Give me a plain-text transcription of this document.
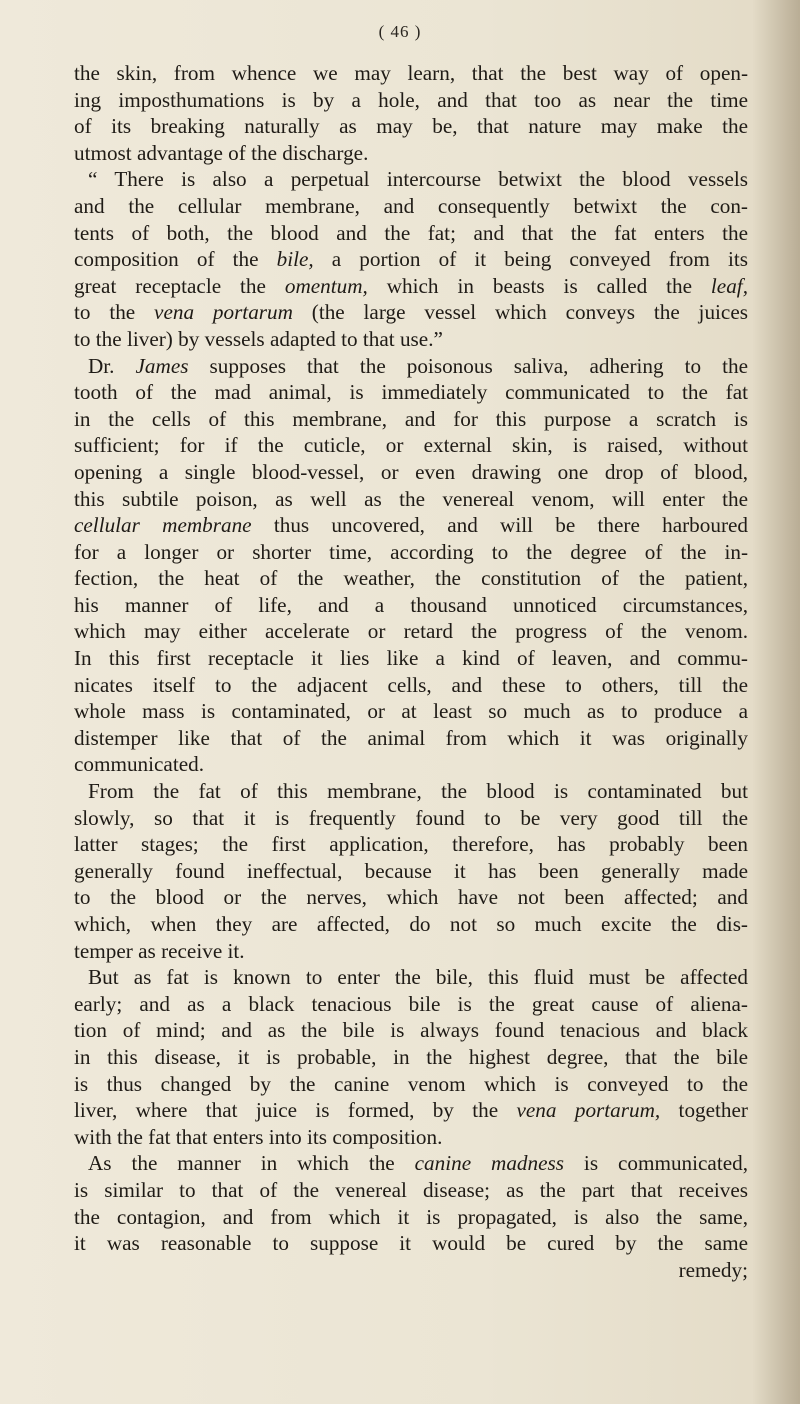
( 46 )
the skin, from whence we may learn, that the best way of open-
ing imposthumations is by a hole, and that too as near the time
of its breaking naturally as may be, that nature may make the
utmost advantage of the discharge.
“ There is also a perpetual intercourse betwixt the blood vessels
and the cellular membrane, and consequently betwixt the con-
tents of both, the blood and the fat; and that the fat enters the
composition of the bile, a portion of it being conveyed from its
great receptacle the omentum, which in beasts is called the leaf,
to the vena portarum (the large vessel which conveys the juices
to the liver) by vessels adapted to that use.”
Dr. James supposes that the poisonous saliva, adhering to the
tooth of the mad animal, is immediately communicated to the fat
in the cells of this membrane, and for this purpose a scratch is
sufficient; for if the cuticle, or external skin, is raised, without
opening a single blood-vessel, or even drawing one drop of blood,
this subtile poison, as well as the venereal venom, will enter the
cellular membrane thus uncovered, and will be there harboured
for a longer or shorter time, according to the degree of the in-
fection, the heat of the weather, the constitution of the patient,
his manner of life, and a thousand unnoticed circumstances,
which may either accelerate or retard the progress of the venom.
In this first receptacle it lies like a kind of leaven, and commu-
nicates itself to the adjacent cells, and these to others, till the
whole mass is contaminated, or at least so much as to produce a
distemper like that of the animal from which it was originally
communicated.
From the fat of this membrane, the blood is contaminated but
slowly, so that it is frequently found to be very good till the
latter stages; the first application, therefore, has probably been
generally found ineffectual, because it has been generally made
to the blood or the nerves, which have not been affected; and
which, when they are affected, do not so much excite the dis-
temper as receive it.
But as fat is known to enter the bile, this fluid must be affected
early; and as a black tenacious bile is the great cause of aliena-
tion of mind; and as the bile is always found tenacious and black
in this disease, it is probable, in the highest degree, that the bile
is thus changed by the canine venom which is conveyed to the
liver, where that juice is formed, by the vena portarum, together
with the fat that enters into its composition.
As the manner in which the canine madness is communicated,
is similar to that of the venereal disease; as the part that receives
the contagion, and from which it is propagated, is also the same,
it was reasonable to suppose it would be cured by the same
remedy;
